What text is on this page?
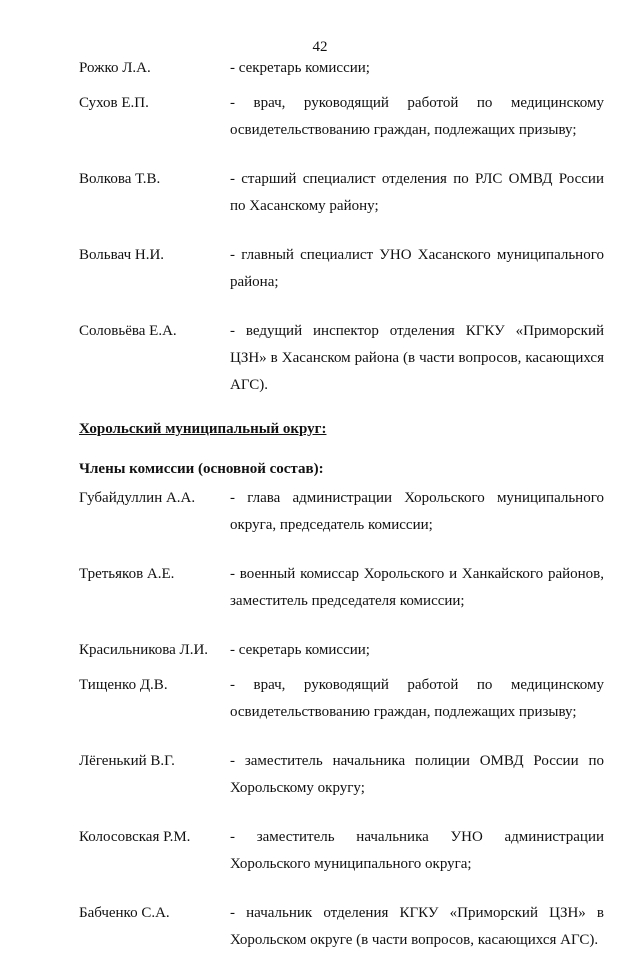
42
Рожко Л.А.	- секретарь комиссии;
Сухов Е.П.	- врач, руководящий работой по медицинскому освидетельствованию граждан, подлежащих призыву;
Волкова Т.В.	- старший специалист отделения по РЛС ОМВД России по Хасанскому району;
Вольвач Н.И.	- главный специалист УНО Хасанского муниципального района;
Соловьёва Е.А.	- ведущий инспектор отделения КГКУ «Приморский ЦЗН» в Хасанском района (в части вопросов, касающихся АГС).
Хорольский муниципальный округ:
Члены комиссии (основной состав):
Губайдуллин А.А.	- глава администрации Хорольского муниципального округа, председатель комиссии;
Третьяков А.Е.	- военный комиссар Хорольского и Ханкайского районов, заместитель председателя комиссии;
Красильникова Л.И.	- секретарь комиссии;
Тищенко Д.В.	- врач, руководящий работой по медицинскому освидетельствованию граждан, подлежащих призыву;
Лёгенький В.Г.	- заместитель начальника полиции ОМВД России по Хорольскому округу;
Колосовская Р.М.	- заместитель начальника УНО администрации Хорольского муниципального округа;
Бабченко С.А.	- начальник отделения КГКУ «Приморский ЦЗН» в Хорольском округе (в части вопросов, касающихся АГС).
